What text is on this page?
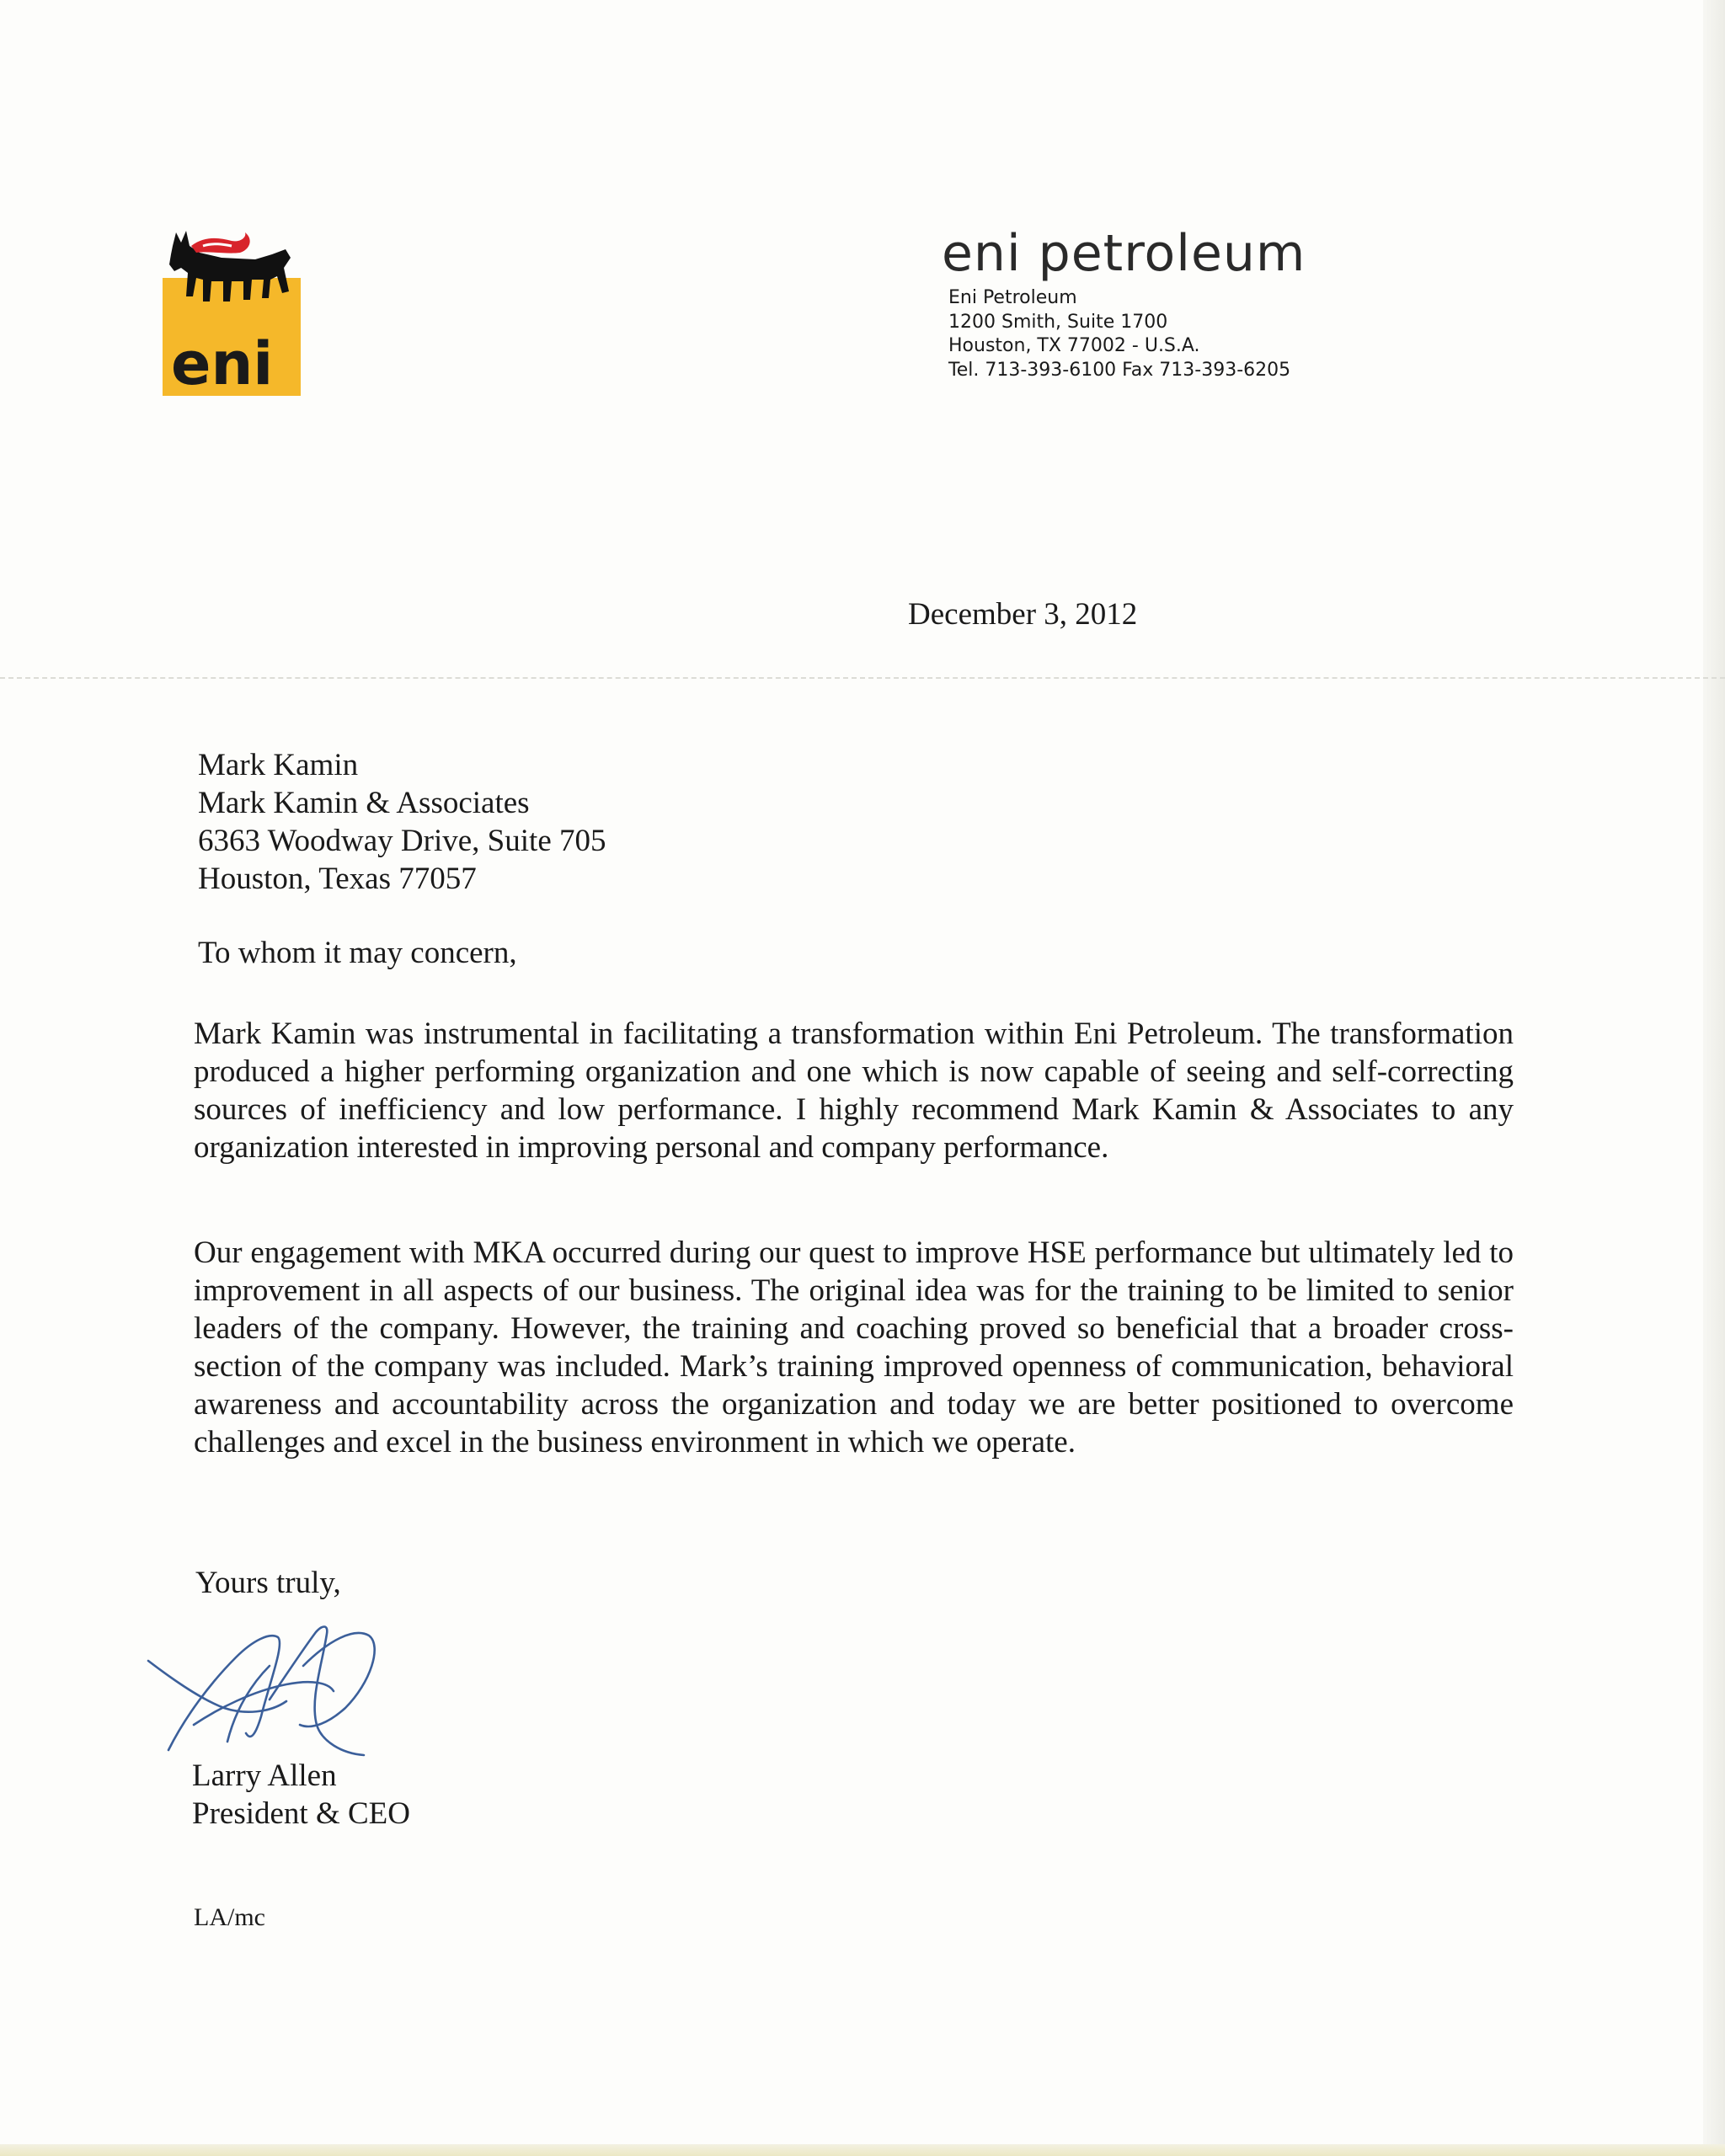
eni
eni petroleum
Eni Petroleum
1200 Smith, Suite 1700
Houston, TX 77002 - U.S.A.
Tel. 713-393-6100 Fax 713-393-6205
December 3, 2012
Mark Kamin
Mark Kamin & Associates
6363 Woodway Drive, Suite 705
Houston, Texas 77057
To whom it may concern,
Mark Kamin was instrumental in facilitating a transformation within Eni Petroleum. The transformation produced a higher performing organization and one which is now capable of seeing and self-correcting sources of inefficiency and low performance. I highly recommend Mark Kamin & Associates to any organization interested in improving personal and company performance.
Our engagement with MKA occurred during our quest to improve HSE performance but ultimately led to improvement in all aspects of our business. The original idea was for the training to be limited to senior leaders of the company. However, the training and coaching proved so beneficial that a broader cross-section of the company was included. Mark’s training improved openness of communication, behavioral awareness and accountability across the organization and today we are better positioned to overcome challenges and excel in the business environment in which we operate.
Yours truly,
Larry Allen
President & CEO
LA/mc
